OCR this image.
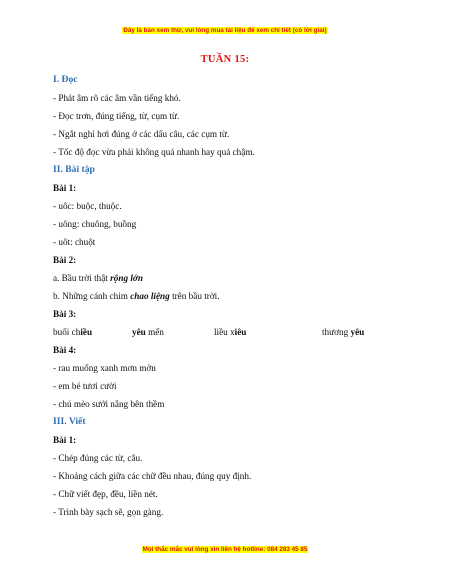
Đây là bản xem thử, vui lòng mua tài liệu để xem chi tiết (có lời giải)
TUẦN 15:
I. Đọc
- Phát âm rõ các âm vần tiếng khó.
- Đọc trơn, đúng tiếng, từ, cụm từ.
- Ngắt nghỉ hơi đúng ở các dấu câu, các cụm từ.
- Tốc độ đọc vừa phải không quá nhanh hay quá chậm.
II. Bài tập
Bài 1:
- uôc: buộc, thuộc.
- uông: chuông, buồng
- uôt: chuột
Bài 2:
a. Bầu trời thật rộng lớn
b. Những cánh chim chao liệng trên bầu trời.
Bài 3:
buổi chiều	yêu mến	liều xiêu	thương yêu
Bài 4:
- rau muống xanh mơn mởn
- em bé tươi cười
- chú mèo sưởi nắng bên thềm
III. Viết
Bài 1:
- Chép đúng các từ, câu.
- Khoảng cách giữa các chữ đều nhau, đúng quy định.
- Chữ viết đẹp, đều, liền nét.
- Trình bày sạch sẽ, gọn gàng.
Mọi thắc mắc vui lòng xin liên hệ hotline: 084 283 45 85
